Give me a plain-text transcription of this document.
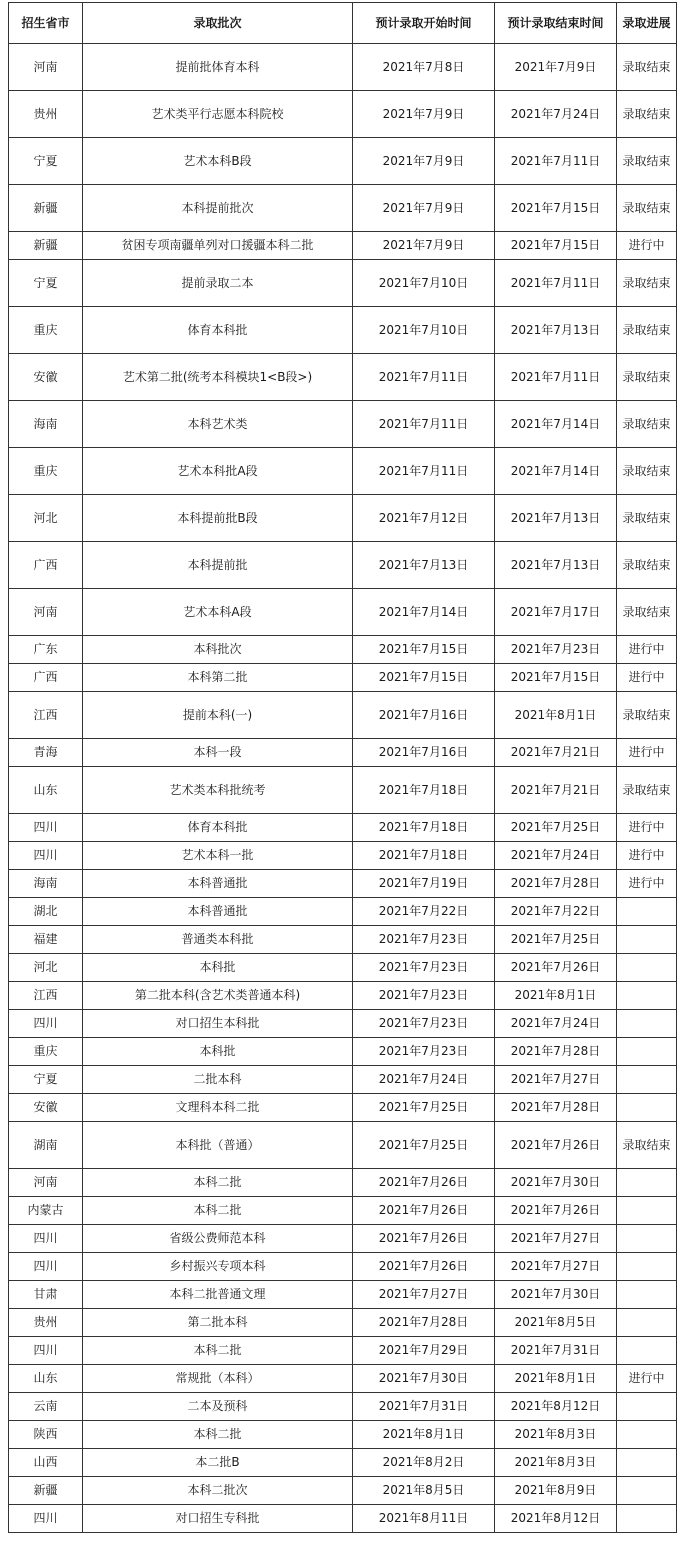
招生省市	录取批次	预计录取开始时间	预计录取结束时间	录取进展
河南	提前批体育本科	2021年7月8日	2021年7月9日	录取结束
贵州	艺术类平行志愿本科院校	2021年7月9日	2021年7月24日	录取结束
宁夏	艺术本科B段	2021年7月9日	2021年7月11日	录取结束
新疆	本科提前批次	2021年7月9日	2021年7月15日	录取结束
新疆	贫困专项南疆单列对口援疆本科二批	2021年7月9日	2021年7月15日	进行中
宁夏	提前录取二本	2021年7月10日	2021年7月11日	录取结束
重庆	体育本科批	2021年7月10日	2021年7月13日	录取结束
安徽	艺术第二批(统考本科模块1<B段>)	2021年7月11日	2021年7月11日	录取结束
海南	本科艺术类	2021年7月11日	2021年7月14日	录取结束
重庆	艺术本科批A段	2021年7月11日	2021年7月14日	录取结束
河北	本科提前批B段	2021年7月12日	2021年7月13日	录取结束
广西	本科提前批	2021年7月13日	2021年7月13日	录取结束
河南	艺术本科A段	2021年7月14日	2021年7月17日	录取结束
广东	本科批次	2021年7月15日	2021年7月23日	进行中
广西	本科第二批	2021年7月15日	2021年7月15日	进行中
江西	提前本科(一)	2021年7月16日	2021年8月1日	录取结束
青海	本科一段	2021年7月16日	2021年7月21日	进行中
山东	艺术类本科批统考	2021年7月18日	2021年7月21日	录取结束
四川	体育本科批	2021年7月18日	2021年7月25日	进行中
四川	艺术本科一批	2021年7月18日	2021年7月24日	进行中
海南	本科普通批	2021年7月19日	2021年7月28日	进行中
湖北	本科普通批	2021年7月22日	2021年7月22日	
福建	普通类本科批	2021年7月23日	2021年7月25日	
河北	本科批	2021年7月23日	2021年7月26日	
江西	第二批本科(含艺术类普通本科)	2021年7月23日	2021年8月1日	
四川	对口招生本科批	2021年7月23日	2021年7月24日	
重庆	本科批	2021年7月23日	2021年7月28日	
宁夏	二批本科	2021年7月24日	2021年7月27日	
安徽	文理科本科二批	2021年7月25日	2021年7月28日	
湖南	本科批（普通）	2021年7月25日	2021年7月26日	录取结束
河南	本科二批	2021年7月26日	2021年7月30日	
内蒙古	本科二批	2021年7月26日	2021年7月26日	
四川	省级公费师范本科	2021年7月26日	2021年7月27日	
四川	乡村振兴专项本科	2021年7月26日	2021年7月27日	
甘肃	本科二批普通文理	2021年7月27日	2021年7月30日	
贵州	第二批本科	2021年7月28日	2021年8月5日	
四川	本科二批	2021年7月29日	2021年7月31日	
山东	常规批（本科）	2021年7月30日	2021年8月1日	进行中
云南	二本及预科	2021年7月31日	2021年8月12日	
陕西	本科二批	2021年8月1日	2021年8月3日	
山西	本二批B	2021年8月2日	2021年8月3日	
新疆	本科二批次	2021年8月5日	2021年8月9日	
四川	对口招生专科批	2021年8月11日	2021年8月12日	
